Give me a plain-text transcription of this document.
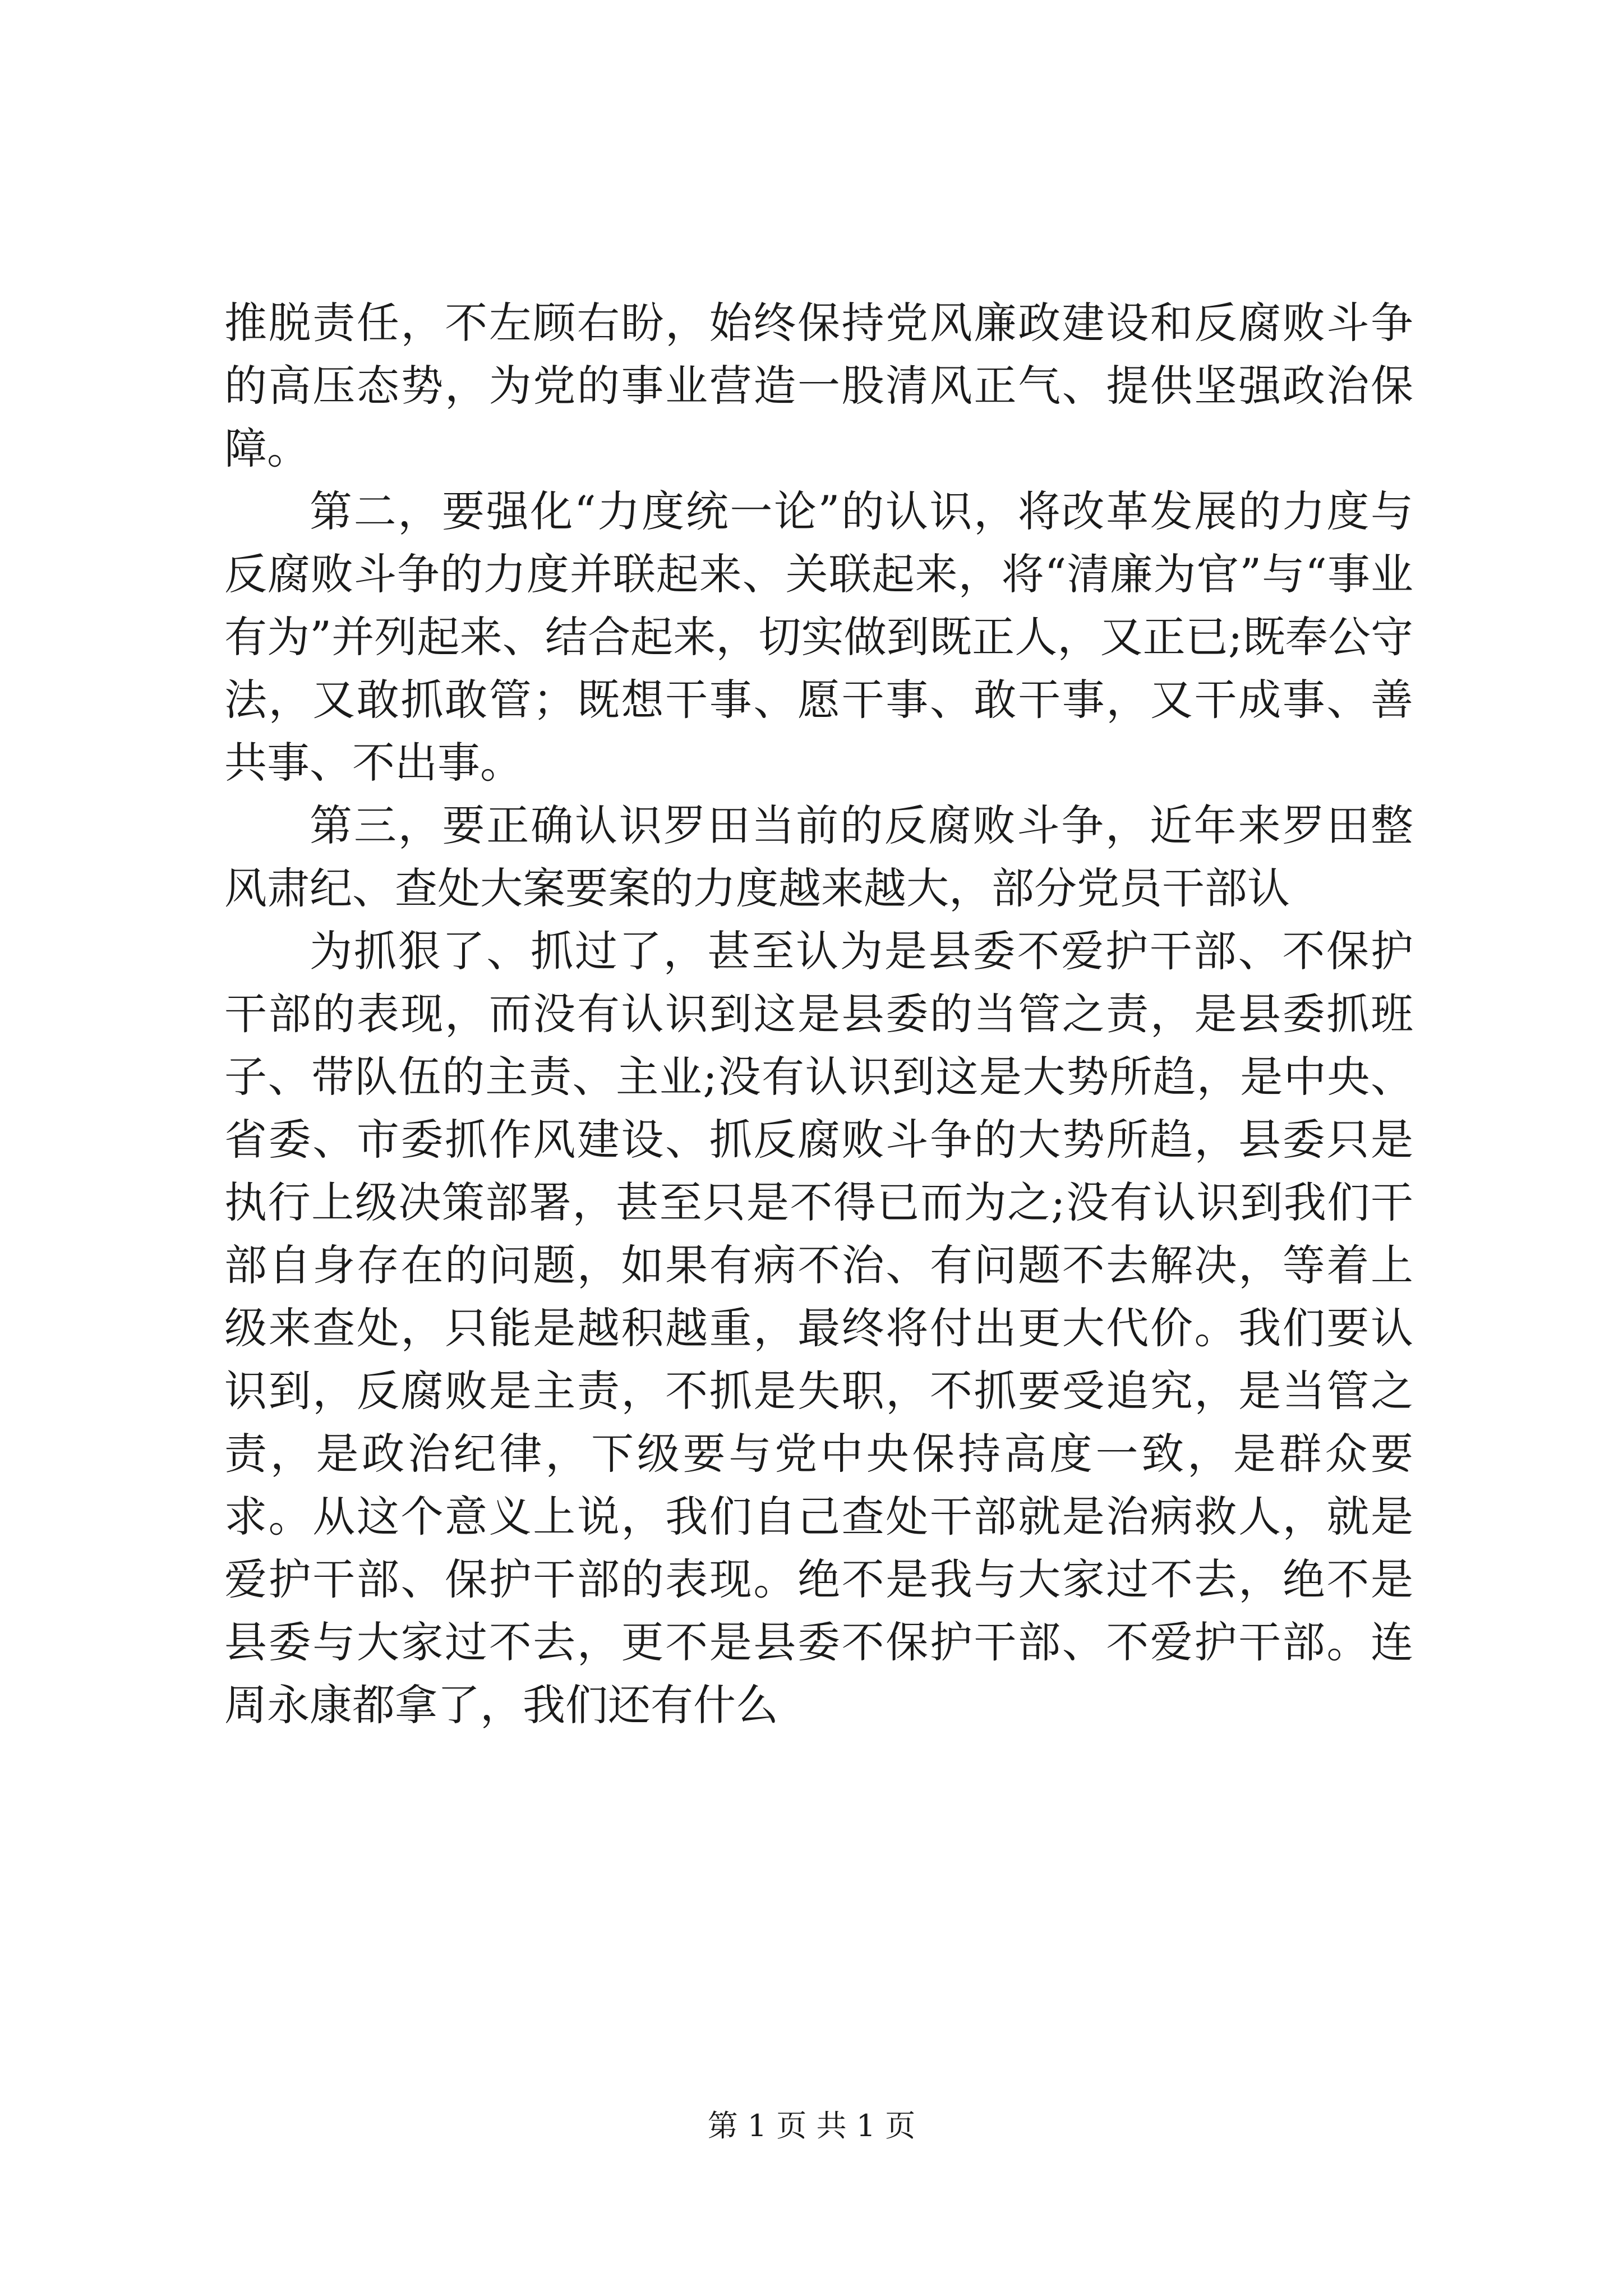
推脱责任，不左顾右盼，始终保持党风廉政建设和反腐败斗争的高压态势，为党的事业营造一股清风正气、提供坚强政治保障。

第二，要强化“力度统一论”的认识，将改革发展的力度与反腐败斗争的力度并联起来、关联起来，将“清廉为官”与“事业有为”并列起来、结合起来，切实做到既正人，又正已;既奉公守法，又敢抓敢管；既想干事、愿干事、敢干事，又干成事、善共事、不出事。

第三，要正确认识罗田当前的反腐败斗争，近年来罗田整风肃纪、查处大案要案的力度越来越大，部分党员干部认

为抓狠了、抓过了，甚至认为是县委不爱护干部、不保护干部的表现，而没有认识到这是县委的当管之责，是县委抓班子、带队伍的主责、主业;没有认识到这是大势所趋，是中央、省委、市委抓作风建设、抓反腐败斗争的大势所趋，县委只是执行上级决策部署，甚至只是不得已而为之;没有认识到我们干部自身存在的问题，如果有病不治、有问题不去解决，等着上级来查处，只能是越积越重，最终将付出更大代价。我们要认识到，反腐败是主责，不抓是失职，不抓要受追究，是当管之责，是政治纪律，下级要与党中央保持高度一致，是群众要求。从这个意义上说，我们自己查处干部就是治病救人，就是爱护干部、保护干部的表现。绝不是我与大家过不去，绝不是县委与大家过不去，更不是县委不保护干部、不爱护干部。连周永康都拿了，我们还有什么

第 1 页 共 1 页
